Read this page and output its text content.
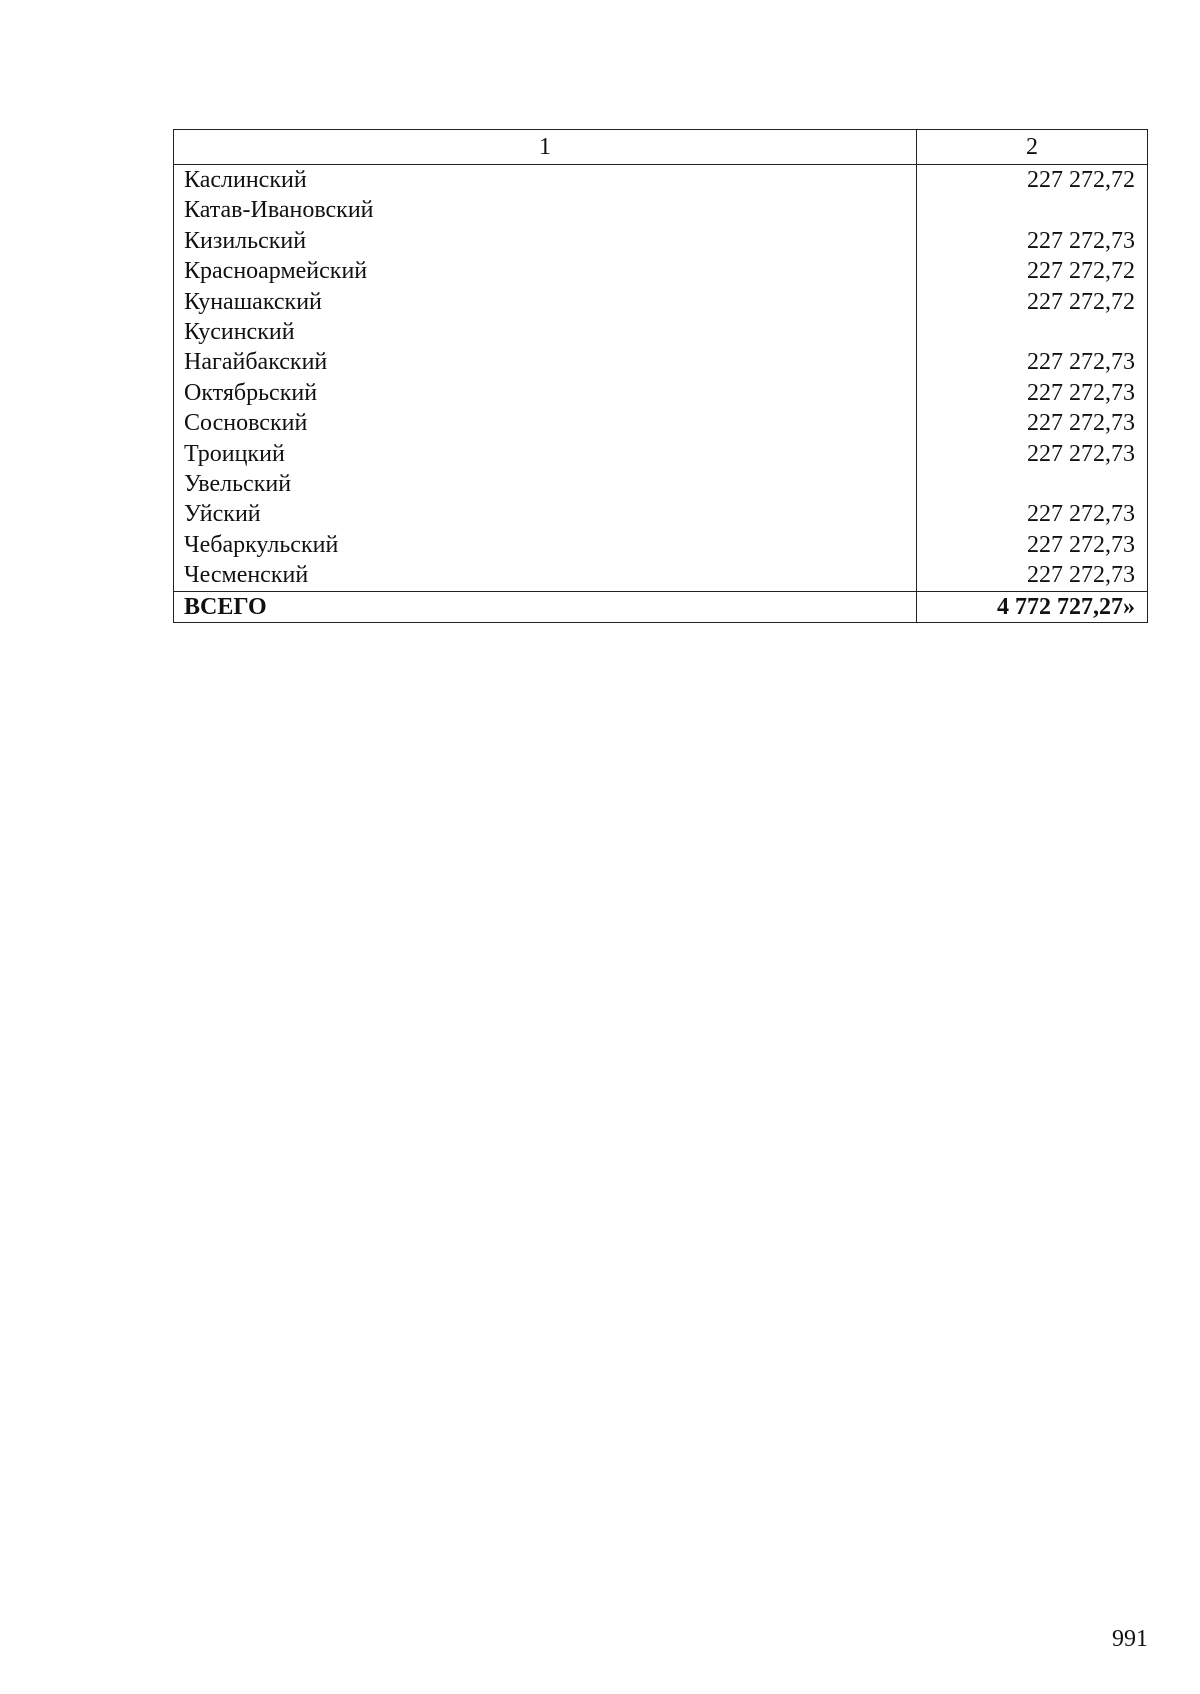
1	2
Каслинский	227 272,72
Катав-Ивановский	
Кизильский	227 272,73
Красноармейский	227 272,72
Кунашакский	227 272,72
Кусинский	
Нагайбакский	227 272,73
Октябрьский	227 272,73
Сосновский	227 272,73
Троицкий	227 272,73
Увельский	
Уйский	227 272,73
Чебаркульский	227 272,73
Чесменский	227 272,73
ВСЕГО	4 772 727,27»
991
